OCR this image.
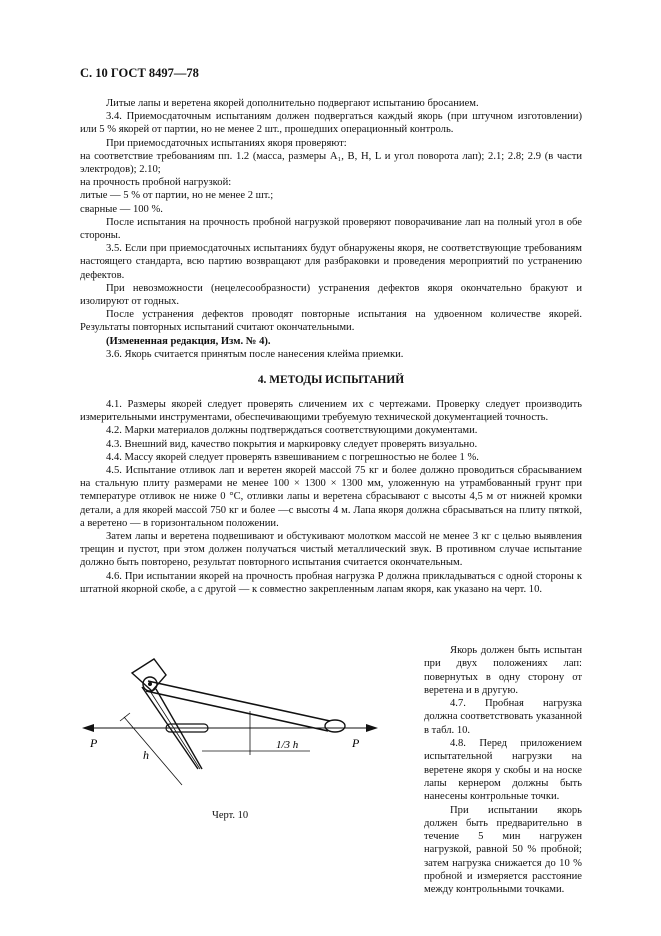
С. 10 ГОСТ 8497—78

Литые лапы и веретена якорей дополнительно подвергают испытанию бросанием.

3.4. Приемосдаточным испытаниям должен подвергаться каждый якорь (при штучном изготовлении) или 5 % якорей от партии, но не менее 2 шт., прошедших операционный контроль.

При приемосдаточных испытаниях якоря проверяют:

на соответствие требованиям пп. 1.2 (масса, размеры A₁, B, H, L и угол поворота лап); 2.1; 2.8; 2.9 (в части электродов); 2.10;

на прочность пробной нагрузкой:

литые — 5 % от партии, но не менее 2 шт.;

сварные — 100 %.

После испытания на прочность пробной нагрузкой проверяют поворачивание лап на полный угол в обе стороны.

3.5. Если при приемосдаточных испытаниях будут обнаружены якоря, не соответствующие требованиям настоящего стандарта, всю партию возвращают для разбраковки и проведения мероприятий по устранению дефектов.

При невозможности (нецелесообразности) устранения дефектов якоря окончательно бракуют и изолируют от годных.

После устранения дефектов проводят повторные испытания на удвоенном количестве якорей. Результаты повторных испытаний считают окончательными.

(Измененная редакция, Изм. № 4).

3.6. Якорь считается принятым после нанесения клейма приемки.

4. МЕТОДЫ ИСПЫТАНИЙ

4.1. Размеры якорей следует проверять сличением их с чертежами. Проверку следует производить измерительными инструментами, обеспечивающими требуемую технической документацией точность.

4.2. Марки материалов должны подтверждаться соответствующими документами.

4.3. Внешний вид, качество покрытия и маркировку следует проверять визуально.

4.4. Массу якорей следует проверять взвешиванием с погрешностью не более 1 %.

4.5. Испытание отливок лап и веретен якорей массой 75 кг и более должно проводиться сбрасыванием на стальную плиту размерами не менее 100 × 1300 × 1300 мм, уложенную на утрамбованный грунт при температуре отливок не ниже 0 °С, отливки лапы и веретена сбрасывают с высоты 4,5 м от нижней кромки детали, а для якорей массой 750 кг и более —с высоты 4 м. Лапа якоря должна сбрасываться на плиту пяткой, а веретено — в горизонтальном положении.

Затем лапы и веретена подвешивают и обстукивают молотком массой не менее 3 кг с целью выявления трещин и пустот, при этом должен получаться чистый металлический звук. В противном случае испытание должно быть повторено, результат повторного испытания считается окончательным.

4.6. При испытании якорей на прочность пробная нагрузка P должна прикладываться с одной стороны к штатной якорной скобе, а с другой — к совместно закрепленным лапам якоря, как указано на черт. 10.

h
1/3 h
P	P
Черт. 10

Якорь должен быть испытан при двух положениях лап: повернутых в одну сторону от веретена и в другую.

4.7. Пробная нагрузка должна соответствовать указанной в табл. 10.

4.8. Перед приложением испытательной нагрузки на веретене якоря у скобы и на носке лапы кернером должны быть нанесены контрольные точки.

При испытании якорь должен быть предварительно в течение 5 мин нагружен нагрузкой, равной 50 % пробной; затем нагрузка снижается до 10 % пробной и измеряется расстояние между контрольными точками.
